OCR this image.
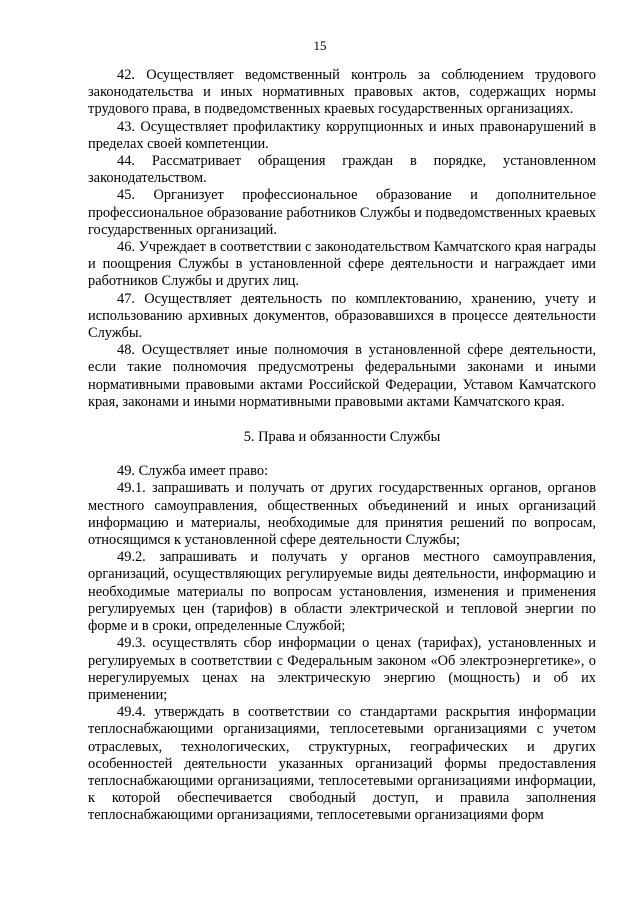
15

42. Осуществляет ведомственный контроль за соблюдением трудового законодательства и иных нормативных правовых актов, содержащих нормы трудового права, в подведомственных краевых государственных организациях.

43. Осуществляет профилактику коррупционных и иных правонарушений в пределах своей компетенции.

44. Рассматривает обращения граждан в порядке, установленном законодательством.

45. Организует профессиональное образование и дополнительное профессиональное образование работников Службы и подведомственных краевых государственных организаций.

46. Учреждает в соответствии с законодательством Камчатского края награды и поощрения Службы в установленной сфере деятельности и награждает ими работников Службы и других лиц.

47. Осуществляет деятельность по комплектованию, хранению, учету и использованию архивных документов, образовавшихся в процессе деятельности Службы.

48. Осуществляет иные полномочия в установленной сфере деятельности, если такие полномочия предусмотрены федеральными законами и иными нормативными правовыми актами Российской Федерации, Уставом Камчатского края, законами и иными нормативными правовыми актами Камчатского края.

5. Права и обязанности Службы

49. Служба имеет право:

49.1. запрашивать и получать от других государственных органов, органов местного самоуправления, общественных объединений и иных организаций информацию и материалы, необходимые для принятия решений по вопросам, относящимся к установленной сфере деятельности Службы;

49.2. запрашивать и получать у органов местного самоуправления, организаций, осуществляющих регулируемые виды деятельности, информацию и необходимые материалы по вопросам установления, изменения и применения регулируемых цен (тарифов) в области электрической и тепловой энергии по форме и в сроки, определенные Службой;

49.3. осуществлять сбор информации о ценах (тарифах), установленных и регулируемых в соответствии с Федеральным законом «Об электроэнергетике», о нерегулируемых ценах на электрическую энергию (мощность) и об их применении;

49.4. утверждать в соответствии со стандартами раскрытия информации теплоснабжающими организациями, теплосетевыми организациями с учетом отраслевых, технологических, структурных, географических и других особенностей деятельности указанных организаций формы предоставления теплоснабжающими организациями, теплосетевыми организациями информации, к которой обеспечивается свободный доступ, и правила заполнения теплоснабжающими организациями, теплосетевыми организациями форм
